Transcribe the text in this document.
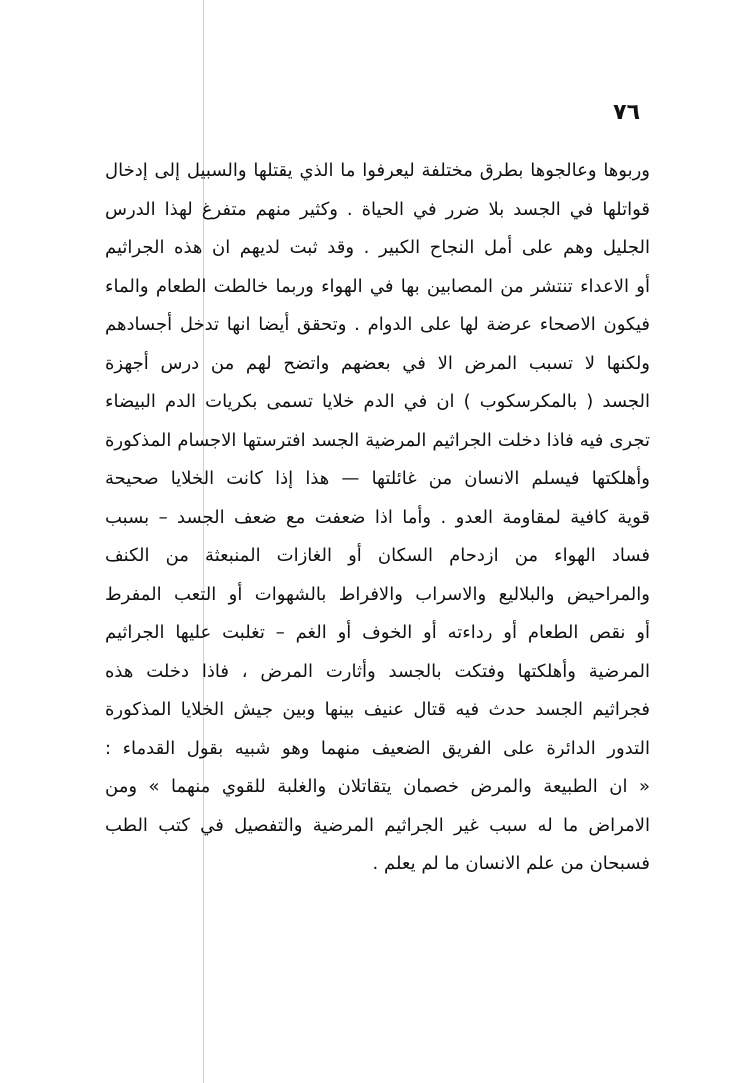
٧٦
وربوها وعالجوها بطرق مختلفة ليعرفوا ما الذي يقتلها والسبيل إلى إدخال
قواتلها في الجسد بلا ضرر في الحياة . وكثير منهم متفرغ لهذا الدرس
الجليل وهم على أمل النجاح الكبير . وقد ثبت لديهم ان هذه الجراثيم
أو الاعداء تنتشر من المصابين بها في الهواء وربما خالطت الطعام والماء
فيكون الاصحاء عرضة لها على الدوام . وتحقق أيضا انها تدخل أجسادهم
ولكنها لا تسبب المرض الا في بعضهم واتضح لهم من درس أجهزة
الجسد ( بالمكرسكوب ) ان في الدم خلايا تسمى بكريات الدم البيضاء
تجرى فيه فاذا دخلت الجراثيم المرضية الجسد افترستها الاجسام المذكورة
وأهلكتها فيسلم الانسان من غائلتها — هذا إذا كانت الخلايا صحيحة
قوية كافية لمقاومة العدو . وأما اذا ضعفت مع ضعف الجسد – بسبب
فساد الهواء من ازدحام السكان أو الغازات المنبعثة من الكنف
والمراحيض والبلاليع والاسراب والافراط بالشهوات أو التعب المفرط
أو نقص الطعام أو رداءته أو الخوف أو الغم – تغلبت عليها الجراثيم
المرضية وأهلكتها وفتكت بالجسد وأثارت المرض ، فاذا دخلت هذه
فجراثيم الجسد حدث فيه قتال عنيف بينها وبين جيش الخلايا المذكورة
التدور الدائرة على الفريق الضعيف منهما وهو شبيه بقول القدماء :
« ان الطبيعة والمرض خصمان يتقاتلان والغلبة للقوي منهما » ومن
الامراض ما له سبب غير الجراثيم المرضية والتفصيل في كتب الطب
فسبحان من علم الانسان ما لم يعلم .
